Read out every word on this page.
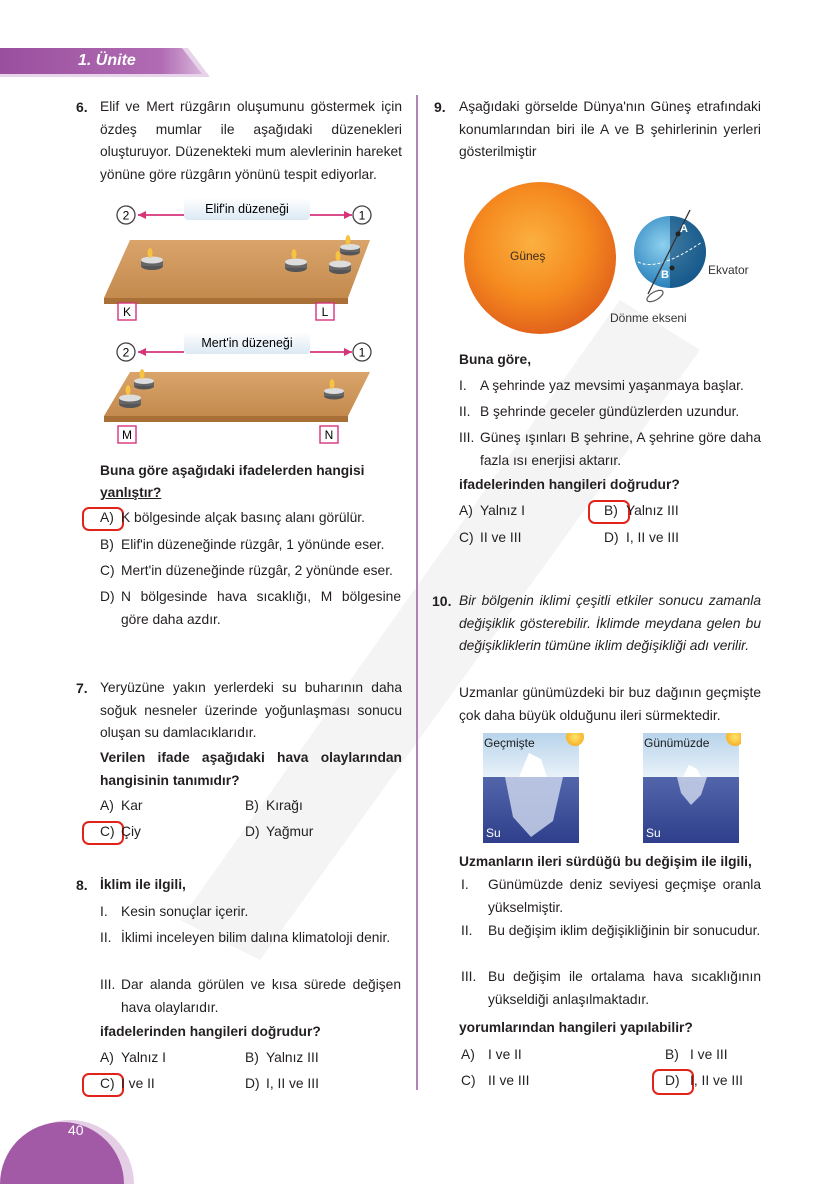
1. Ünite
6. Elif ve Mert rüzgârın oluşumunu göstermek için özdeş mumlar ile aşağıdaki düzenekleri oluşturuyor. Düzenekteki mum alevlerinin hareket yönüne göre rüzgârın yönünü tespit ediyorlar.
2	1
Elif'in düzeneği
K	L
2	1
Mert'in düzeneği
M	N
Buna göre aşağıdaki ifadelerden hangisi
yanlıştır?
A) K bölgesinde alçak basınç alanı görülür.
B) Elif'in düzeneğinde rüzgâr, 1 yönünde eser.
C) Mert'in düzeneğinde rüzgâr, 2 yönünde eser.
D) N bölgesinde hava sıcaklığı, M bölgesine göre daha azdır.
7. Yeryüzüne yakın yerlerdeki su buharının daha soğuk nesneler üzerinde yoğunlaşması sonucu oluşan su damlacıklarıdır.
Verilen ifade aşağıdaki hava olaylarından hangisinin tanımıdır?
A) Kar	B) Kırağı
C) Çiy	D) Yağmur
8. İklim ile ilgili,
I. Kesin sonuçlar içerir.
II. İklimi inceleyen bilim dalına klimatoloji denir.
III. Dar alanda görülen ve kısa sürede değişen hava olaylarıdır.
ifadelerinden hangileri doğrudur?
A) Yalnız I	B) Yalnız III
C) I ve II	D) I, II ve III
9. Aşağıdaki görselde Dünya'nın Güneş etrafındaki konumlarından biri ile A ve B şehirlerinin yerleri gösterilmiştir
Güneş
A
B	Ekvator
Dönme ekseni
Buna göre,
I. A şehrinde yaz mevsimi yaşanmaya başlar.
II. B şehrinde geceler gündüzlerden uzundur.
III. Güneş ışınları B şehrine, A şehrine göre daha fazla ısı enerjisi aktarır.
ifadelerinden hangileri doğrudur?
A) Yalnız I	B) Yalnız III
C) II ve III	D) I, II ve III
10. Bir bölgenin iklimi çeşitli etkiler sonucu zamanla değişiklik gösterebilir. İklimde meydana gelen bu değişikliklerin tümüne iklim değişikliği adı verilir.
Uzmanlar günümüzdeki bir buz dağının geçmişte çok daha büyük olduğunu ileri sürmektedir.
Geçmişte	Günümüzde
Su	Su
Uzmanların ileri sürdüğü bu değişim ile ilgili,
I. Günümüzde deniz seviyesi geçmişe oranla yükselmiştir.
II. Bu değişim iklim değişikliğinin bir sonucudur.
III. Bu değişim ile ortalama hava sıcaklığının yükseldiği anlaşılmaktadır.
yorumlarından hangileri yapılabilir?
A) I ve II	B) I ve III
C) II ve III	D) I, II ve III
40
